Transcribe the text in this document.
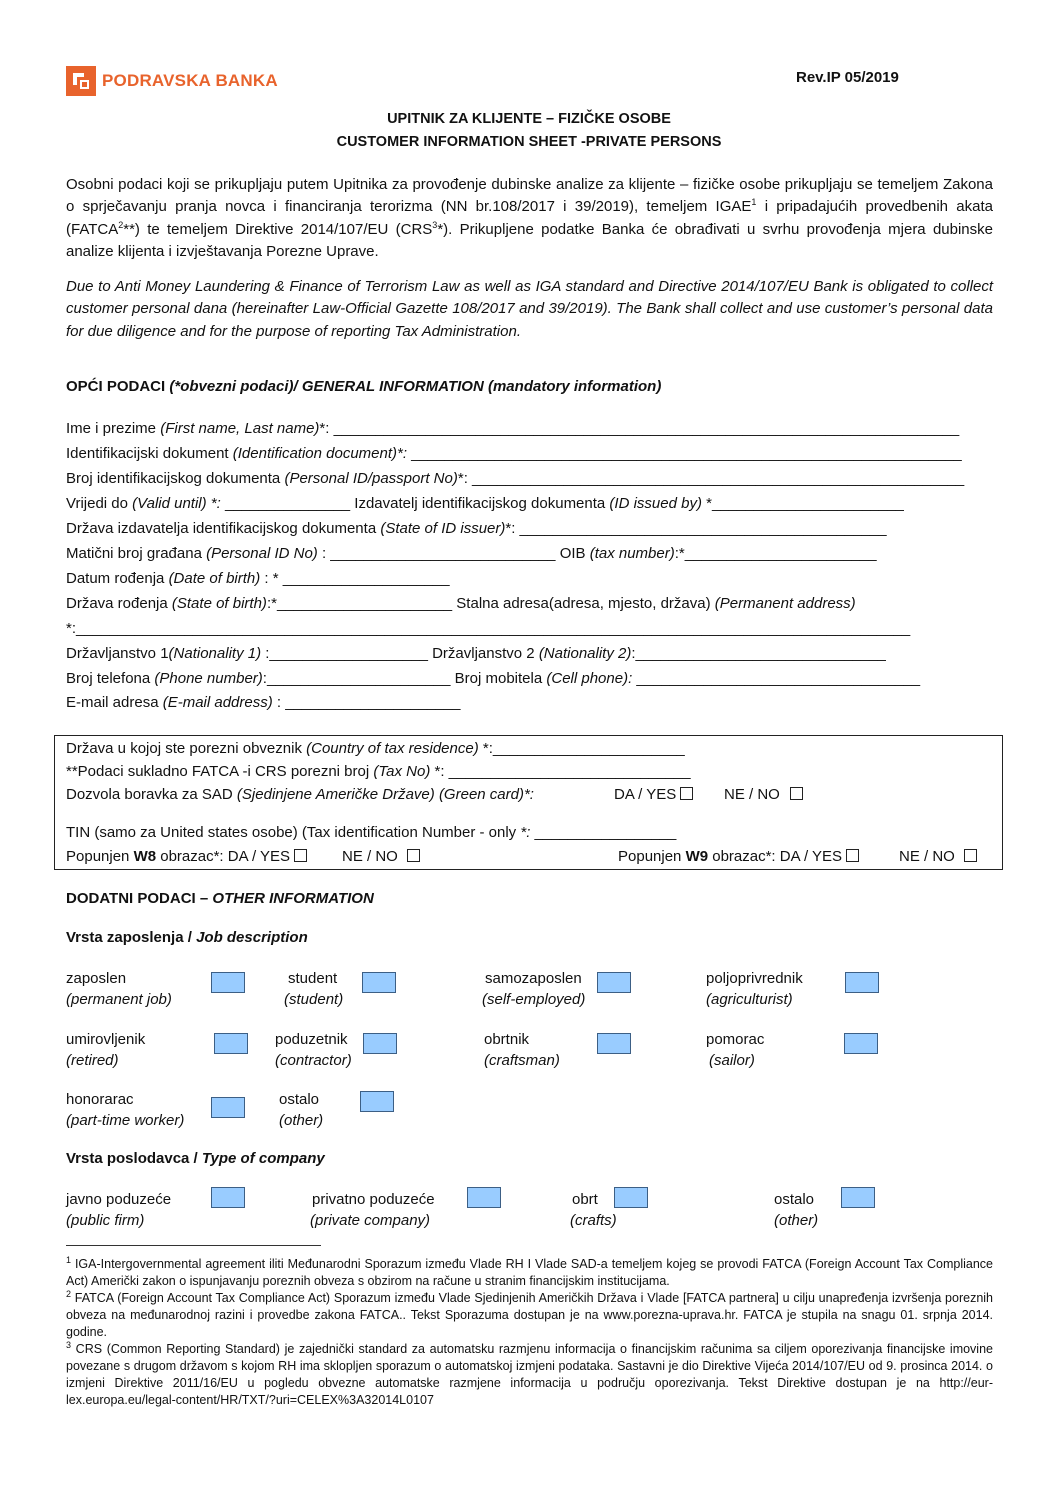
PODRAVSKA BANKA	Rev.IP 05/2019
UPITNIK ZA KLIJENTE – FIZIČKE OSOBE
CUSTOMER INFORMATION SHEET -PRIVATE PERSONS
Osobni podaci koji se prikupljaju putem Upitnika za provođenje dubinske analize za klijente – fizičke osobe prikupljaju se temeljem Zakona o sprječavanju pranja novca i financiranja terorizma (NN br.108/2017 i 39/2019), temeljem IGAE$^1$ i pripadajućih provedbenih akata (FATCA$^2$**) te temeljem Direktive 2014/107/EU (CRS$^3$*). Prikupljene podatke Banka će obrađivati u svrhu provođenja mjera dubinske analize klijenta i izvještavanja Porezne Uprave.
Due to Anti Money Laundering & Finance of Terrorism Law as well as IGA standard and Directive 2014/107/EU Bank is obligated to collect customer personal dana (hereinafter Law-Official Gazette 108/2017 and 39/2019). The Bank shall collect and use customer’s personal data for due diligence and for the purpose of reporting Tax Administration.
OPĆI PODACI (*obvezni podaci)/ GENERAL INFORMATION (mandatory information)
Ime i prezime (First name, Last name)*: ___________________________________________________________________________
Identifikacijski dokument (Identification document)*: __________________________________________________________________
Broj identifikacijskog dokumenta (Personal ID/passport No)*: ___________________________________________________________
Vrijedi do (Valid until) *: _______________ Izdavatelj identifikacijskog dokumenta (ID issued by) *_______________________
Država izdavatelja identifikacijskog dokumenta (State of ID issuer)*: ____________________________________________
Matični broj građana (Personal ID No) : ___________________________ OIB (tax number):*_______________________
Datum rođenja (Date of birth) : * ____________________
Država rođenja (State of birth):*_____________________ Stalna adresa(adresa, mjesto, država) (Permanent address)
*:____________________________________________________________________________________________________
Državljanstvo 1(Nationality 1) :___________________ Državljanstvo 2 (Nationality 2):______________________________
Broj telefona (Phone number):______________________ Broj mobitela (Cell phone): __________________________________
E-mail adresa (E-mail address) : _____________________
Država u kojoj ste porezni obveznik (Country of tax residence) *:_______________________
**Podaci sukladno FATCA -i CRS porezni broj (Tax No) *: _____________________________
Dozvola boravka za SAD (Sjedinjene Američke Države) (Green card)*:	DA / YES	NE / NO
TIN (samo za United states osobe) (Tax identification Number - only *: _________________
Popunjen W8 obrazac*: DA / YES	NE / NO	Popunjen W9 obrazac*: DA / YES	NE / NO
DODATNI PODACI – OTHER INFORMATION
Vrsta zaposlenja / Job description
zaposlen
(permanent job)
student
(student)
samozaposlen
(self-employed)
poljoprivrednik
(agriculturist)
umirovljenik
(retired)
poduzetnik
(contractor)
obrtnik
(craftsman)
pomorac
(sailor)
honorarac
(part-time worker)
ostalo
(other)
Vrsta poslodavca / Type of company
javno poduzeće
(public firm)
privatno poduzeće
(private company)
obrt
(crafts)
ostalo
(other)
$^1$ IGA-Intergovernmental agreement iliti Međunarodni Sporazum između Vlade RH I Vlade SAD-a temeljem kojeg se provodi FATCA (Foreign Account Tax Compliance Act) Američki zakon o ispunjavanju poreznih obveza s obzirom na račune u stranim financijskim institucijama.
$^2$ FATCA (Foreign Account Tax Compliance Act) Sporazum između Vlade Sjedinjenih Američkih Država i Vlade [FATCA partnera] u cilju unapređenja izvršenja poreznih obveza na međunarodnoj razini i provedbe zakona FATCA.. Tekst Sporazuma dostupan je na www.porezna-uprava.hr. FATCA je stupila na snagu 01. srpnja 2014. godine.
$^3$ CRS (Common Reporting Standard) je zajednički standard za automatsku razmjenu informacija o financijskim računima sa ciljem oporezivanja financijske imovine povezane s drugom državom s kojom RH ima sklopljen sporazum o automatskoj izmjeni podataka. Sastavni je dio Direktive Vijeća 2014/107/EU od 9. prosinca 2014. o izmjeni Direktive 2011/16/EU u pogledu obvezne automatske razmjene informacija u području oporezivanja. Tekst Direktive dostupan je na http://eur-lex.europa.eu/legal-content/HR/TXT/?uri=CELEX%3A32014L0107
